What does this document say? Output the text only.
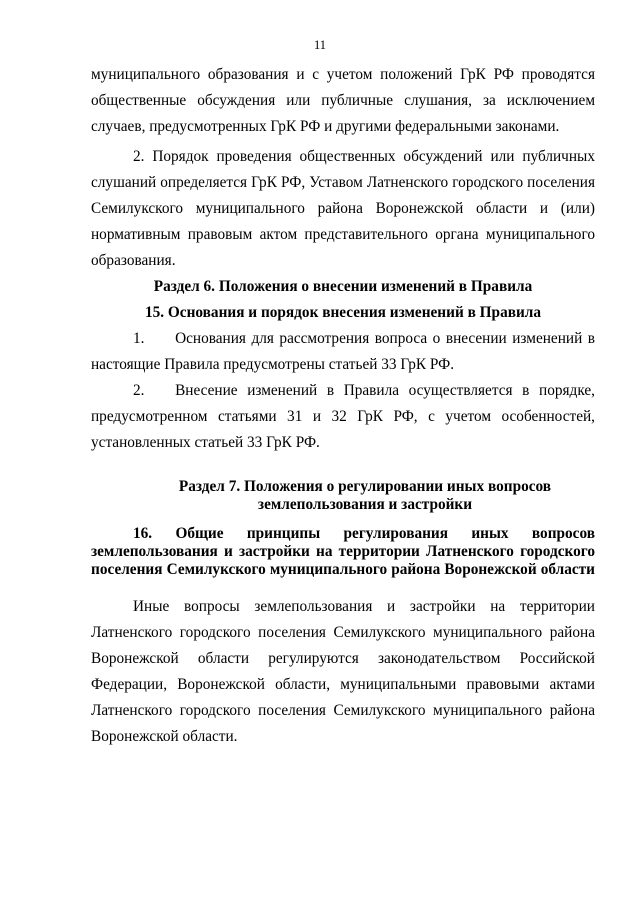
11
муниципального образования и с учетом положений ГрК РФ проводятся
общественные обсуждения или публичные слушания, за исключением
случаев, предусмотренных ГрК РФ и другими федеральными законами.
2. Порядок проведения общественных обсуждений или публичных
слушаний определяется ГрК РФ, Уставом Латненского городского поселения
Семилукского муниципального района Воронежской области и (или)
нормативным правовым актом представительного органа муниципального
образования.
Раздел 6. Положения о внесении изменений в Правила
15. Основания и порядок внесения изменений в Правила
1.  Основания для рассмотрения вопроса о внесении изменений в
настоящие Правила предусмотрены статьей 33 ГрК РФ.
2.  Внесение изменений в Правила осуществляется в порядке,
предусмотренном статьями 31 и 32 ГрК РФ, с учетом особенностей,
установленных статьей 33 ГрК РФ.
Раздел 7. Положения о регулировании иных вопросов
землепользования и застройки
16. Общие принципы регулирования иных вопросов
землепользования и застройки на территории Латненского городского
поселения Семилукского муниципального района Воронежской области
Иные вопросы землепользования и застройки на территории
Латненского городского поселения Семилукского муниципального района
Воронежской области регулируются законодательством Российской
Федерации, Воронежской области, муниципальными правовыми актами
Латненского городского поселения Семилукского муниципального района
Воронежской области.
